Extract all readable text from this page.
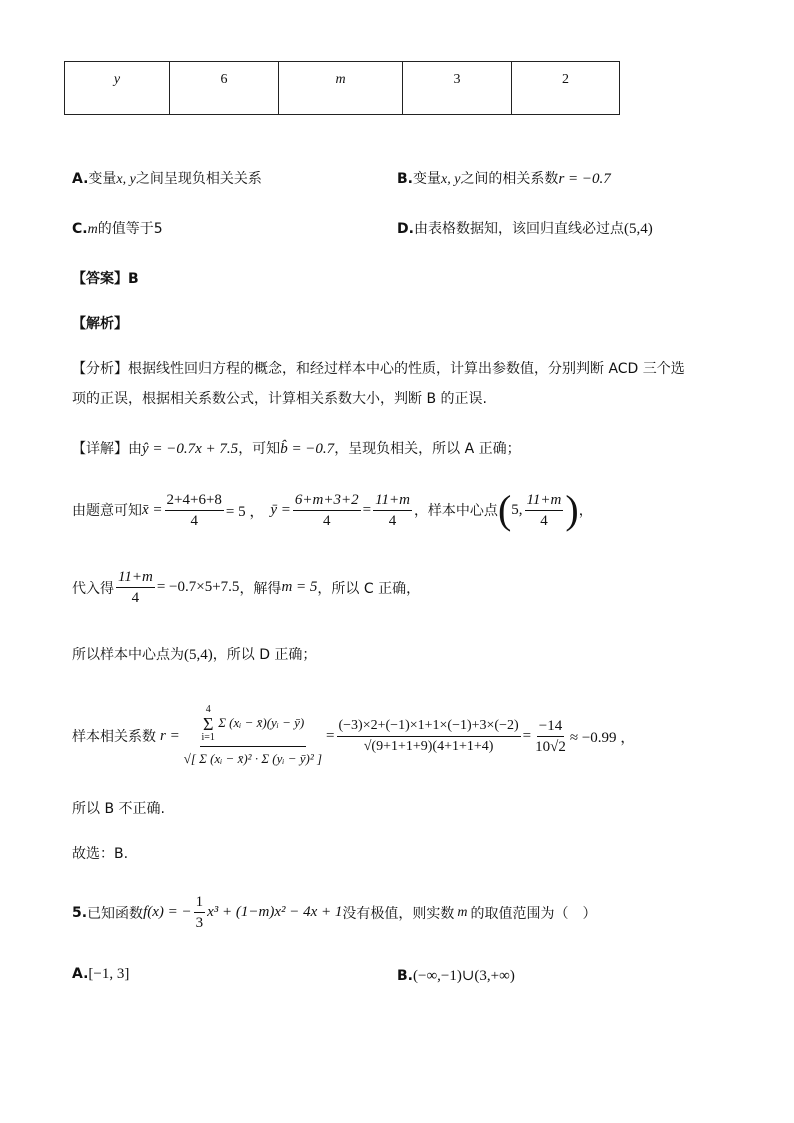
y	6	m	3	2
A.变量x, y之间呈现负相关关系	B.变量x, y之间的相关系数r = −0.7
C.m的值等于5	D.由表格数据知，该回归直线必过点(5,4)
【答案】B
【解析】
【分析】根据线性回归方程的概念，和经过样本中心的性质，计算出参数值，分别判断 ACD 三个选
项的正误，根据相关系数公式，计算相关系数大小，判断 B 的正误.
【详解】由ŷ = −0.7x + 7.5，可知b̂ = −0.7，呈现负相关，所以 A 正确；
由题意可知 x̄ = $\frac{2+4+6+8}{4} = 5$ ， ȳ = $\frac{6+m+3+2}{4} = \frac{11+m}{4}$ ，样本中心点 ( 5, $\frac{11+m}{4}$ ) ，
代入得 $\frac{11+m}{4} = -0.7\times 5+7.5$ ，解得 m = 5 ，所以 C 正确，
所以样本中心点为(5,4)，所以 D 正确；
样本相关系数 r = 4
Σ
i=1
Σ (xᵢ − x̄)(yᵢ − ȳ)
√[ Σ (xᵢ − x̄)² · Σ (yᵢ − ȳ)² ] = $\frac{(-3)\times 2+(-1)\times 1+1\times(-1)+3\times(-2)}{√(9+1+1+9)(4+1+1+4)} = \frac{-14}{10√2} \approx -0.99$ ，
所以 B 不正确.
故选：B.
5. 已知函数 f(x) = − $\frac{1}{3} x^3 + (1-m)x^2 - 4x + 1$ 没有极值，则实数 m 的取值范围为（　）
A.[−1, 3]	B.(−∞,−1)∪(3,+∞)
